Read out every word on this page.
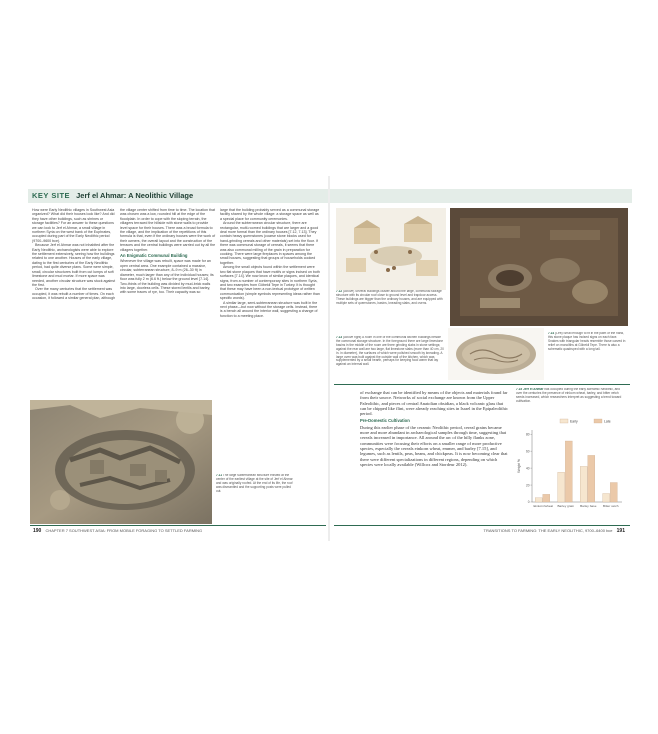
KEY SITE Jerf el Ahmar: A Neolithic Village

How were Early Neolithic villages in Southwest Asia organized? What did their houses look like? And did they have other buildings, such as shrines or storage facilities? For an answer to these questions we can look to Jerf el Ahmar, a small village in northern Syria on the west bank of the Euphrates, occupied during part of the Early Neolithic period (9700–9600 bce).

Because Jerf el Ahmar was not inhabited after the Early Neolithic, archaeologists were able to explore the settlement extensively, seeing how the buildings related to one another. Houses of the early village, dating to the first centuries of the Early Neolithic period, had quite diverse plans. Some were simple, small, circular structures built from cut lumps of soft limestone and mud mortar. If more space was needed, another circular structure was stuck against the first.

Over the many centuries that the settlement was occupied, it was rebuilt a number of times. On each occasion, it followed a similar general plan, although

the village center shifted from time to time. The location that was chosen was a low, rounded hill at the edge of the floodplain. In order to cope with the sloping terrain, the villagers terraced the hillside with stone walls to provide level space for their houses. There was a broad formula to the village, and the implication of the repetitions of this formula is that, even if the ordinary houses were the work of their owners, the overall layout and the construction of the terraces and the central buildings were carried out by all the villagers together.

An Enigmatic Communal Building

Whenever the village was rebuilt, space was made for an open central area. One example contained a massive, circular, subterranean structure, 8–9 m (26–30 ft) in diameter, much larger than any of the individual houses; its floor was fully 2 m (6.6 ft.) below the ground level [7.14]. Two-thirds of the building was divided by mud-brick walls into large, doorless cells. These stored lentils and barley, with some traces of rye, too. Their capacity was so

large that the building probably served as a communal storage facility shared by the whole village: a storage space as well as a special place for community ceremonies.

Around the subterranean circular structure, there are rectangular, multi-roomed buildings that are larger and a good deal more formal than the ordinary houses [7.12, 7.13]. They contain heavy quernstones (coarse stone blocks used for hand-grinding cereals and other materials) set into the floor. If there was communal storage of cereals, it seems that there was also communal milling of the grain in preparation for cooking. There were large fireplaces in spaces among the small houses, suggesting that groups of households cooked together.

Among the small objects found within the settlement were two flat stone plaques that have motifs or signs incised on both surfaces [7.14]. We now know of similar plaques, and identical signs, from a number of contemporary sites in northern Syria, and two examples from Göbekli Tepe in Turkey. It is thought that these may have been a non-textual prototype of written communication (simple symbols representing ideas rather than specific words).

A similar large, semi-subterranean structure was built in the next phase—but now without the storage cells. Instead, there is a bench all around the interior wall, suggesting a change of function to a meeting place.

7.11 The large subterranean structure existed at the center of the earliest village at the site of Jerf el Ahmar and was originally roofed. At the end of its life, the roof was dismantled and the supporting posts were pulled out.
190 CHAPTER 7 SOUTHWEST ASIA: FROM MOBILE FORAGING TO SETTLED FARMING
7.12 (Above) Several buildings cluster around the large, communal storage structure with its circular roof close to ground level and trapdoor access. These buildings are bigger than the ordinary houses, and are equipped with multiple sets of quernstones, basins, kneading slabs, and ovens.
7.13 (Above right) A room in one of the communal kitchen buildings beside the communal storage structure. In the foreground there are large limestone basins in the middle of the room are three grinding slabs in stone settings; against the rear wall are two large, flat limestone slabs (more than 40 cm, 20 in. in diameter), the surfaces of which were polished smooth by kneading. A large oven was built against the outside wall of the kitchen, which was supplemented by a small hearth, perhaps for keeping food warm that lay against an internal wall.
7.14 (Left) Small enough to fit in the palm of the hand, this stone plaque has incised signs on each face. Snakes with triangular heads resemble those carved in relief on monoliths at Göbekli Tepe. There is also a schematic quadruped with a long tail.

of exchange that can be identified by means of the objects and materials found far from their source. Networks of social exchange are known from the Upper Paleolithic, and pieces of central Anatolian obsidian, a black volcanic glass that can be chipped like flint, were already reaching sites in Israel in the Epipaleolithic period.

Pre-Domestic Cultivation

During this earlier phase of the ceramic Neolithic period, cereal grains became more and more abundant in archaeological samples through time, suggesting that cereals increased in importance. All around the arc of the hilly flanks zone, communities were focusing their efforts on a smaller range of more productive species, especially the cereals einkorn wheat, emmer, and barley [7.15], and legumes, such as lentils, peas, beans, and chickpeas. It is now becoming clear that there were different specializations in different regions, depending on which species were locally available (Willcox and Stordeur 2012).

7.15 Jerf el Ahmar has occupied during the early aceramic Neolithic, and over the centuries the presence of einkorn wheat, barley, and bitter vetch seeds increased, which researchers interpret as suggesting a trend toward cultivation.
0
20
40
60
80
Weight %
Early	Late
Einkorn/wheat Barley grain Barley base Bitter vetch
TRANSITIONS TO FARMING: THE EARLY NEOLITHIC, 9700–6400 bce 191
